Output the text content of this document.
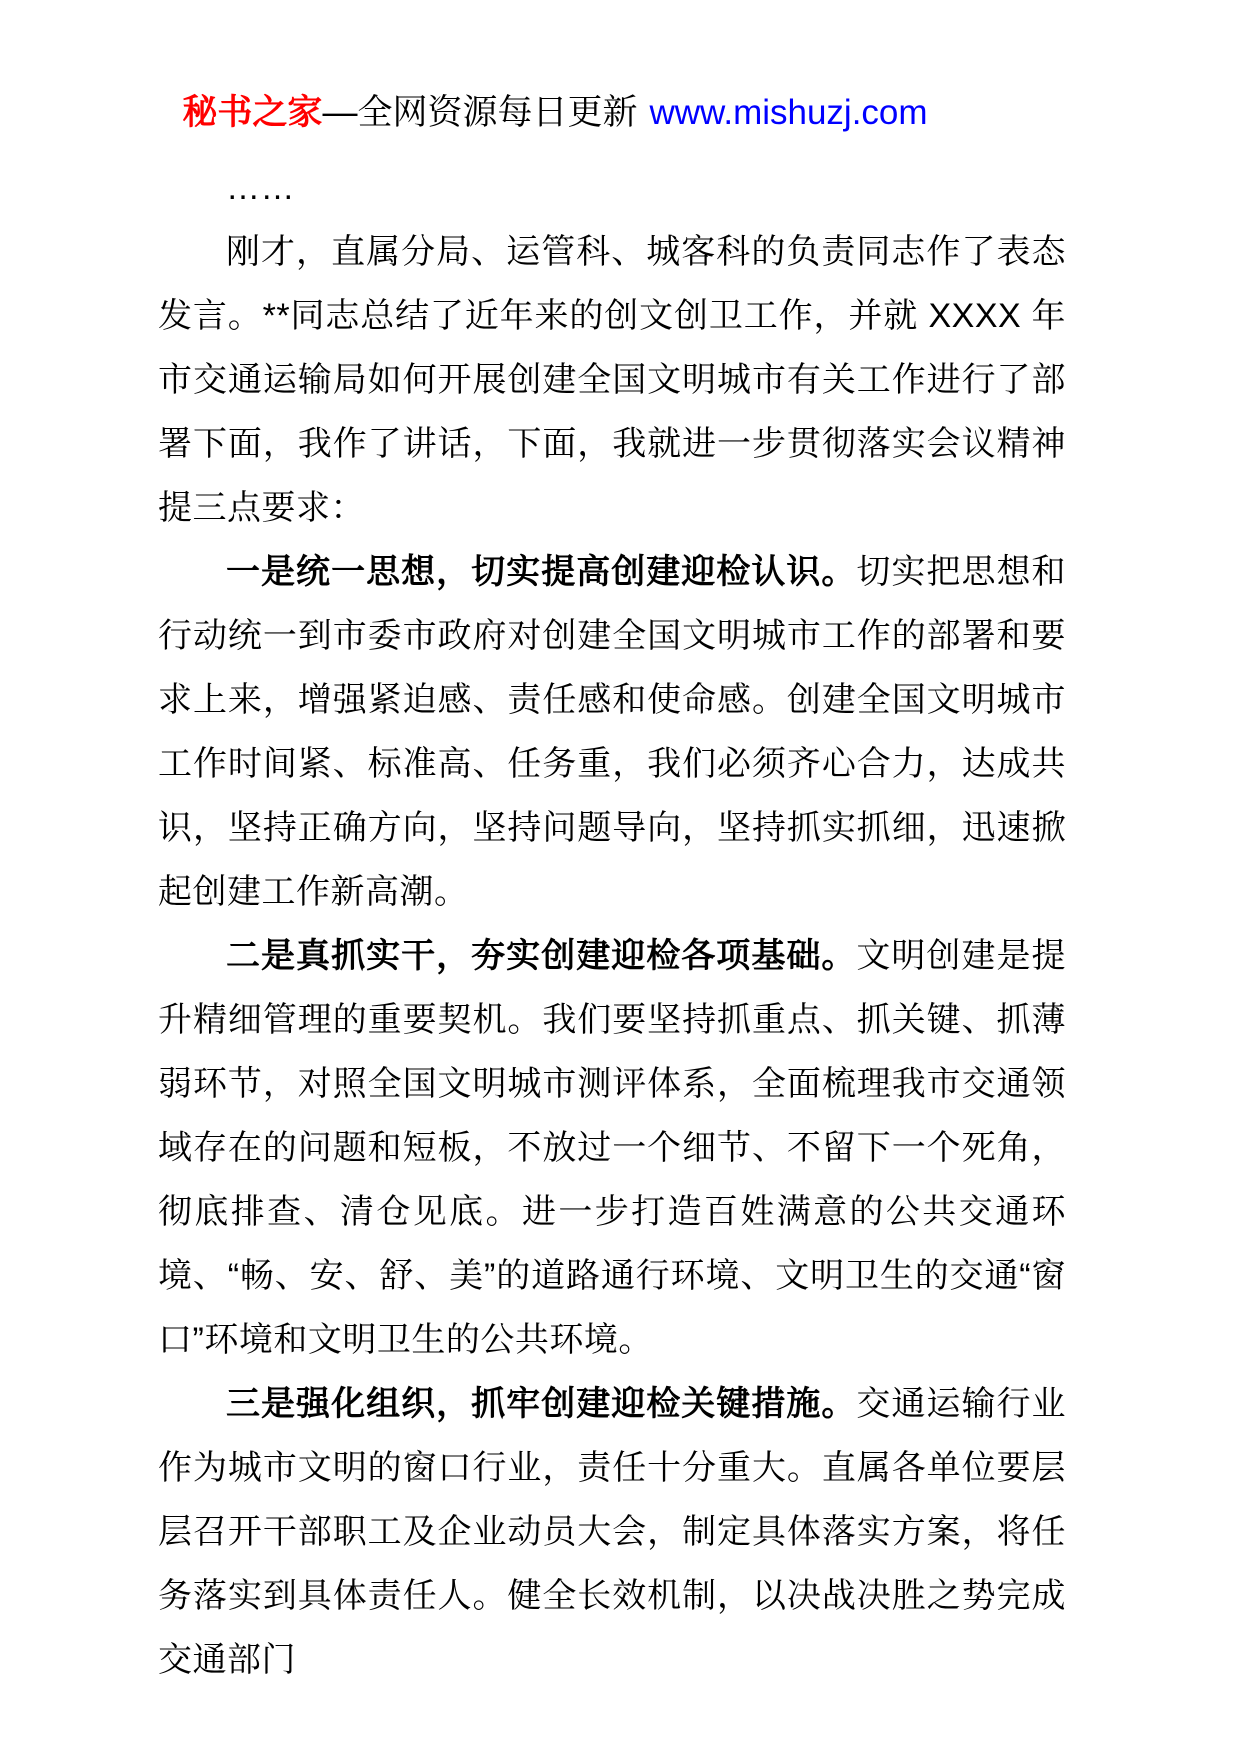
秘书之家—全网资源每日更新 www.mishuzj.com

……

刚才，直属分局、运管科、城客科的负责同志作了表态发言。**同志总结了近年来的创文创卫工作，并就 XXXX 年市交通运输局如何开展创建全国文明城市有关工作进行了部署下面，我作了讲话，下面，我就进一步贯彻落实会议精神提三点要求：

一是统一思想，切实提高创建迎检认识。切实把思想和行动统一到市委市政府对创建全国文明城市工作的部署和要求上来，增强紧迫感、责任感和使命感。创建全国文明城市工作时间紧、标准高、任务重，我们必须齐心合力，达成共识，坚持正确方向，坚持问题导向，坚持抓实抓细，迅速掀起创建工作新高潮。

二是真抓实干，夯实创建迎检各项基础。文明创建是提升精细管理的重要契机。我们要坚持抓重点、抓关键、抓薄弱环节，对照全国文明城市测评体系，全面梳理我市交通领域存在的问题和短板，不放过一个细节、不留下一个死角，彻底排查、清仓见底。进一步打造百姓满意的公共交通环境、“畅、安、舒、美”的道路通行环境、文明卫生的交通“窗口”环境和文明卫生的公共环境。

三是强化组织，抓牢创建迎检关键措施。交通运输行业作为城市文明的窗口行业，责任十分重大。直属各单位要层层召开干部职工及企业动员大会，制定具体落实方案，将任务落实到具体责任人。健全长效机制，以决战决胜之势完成交通部门
